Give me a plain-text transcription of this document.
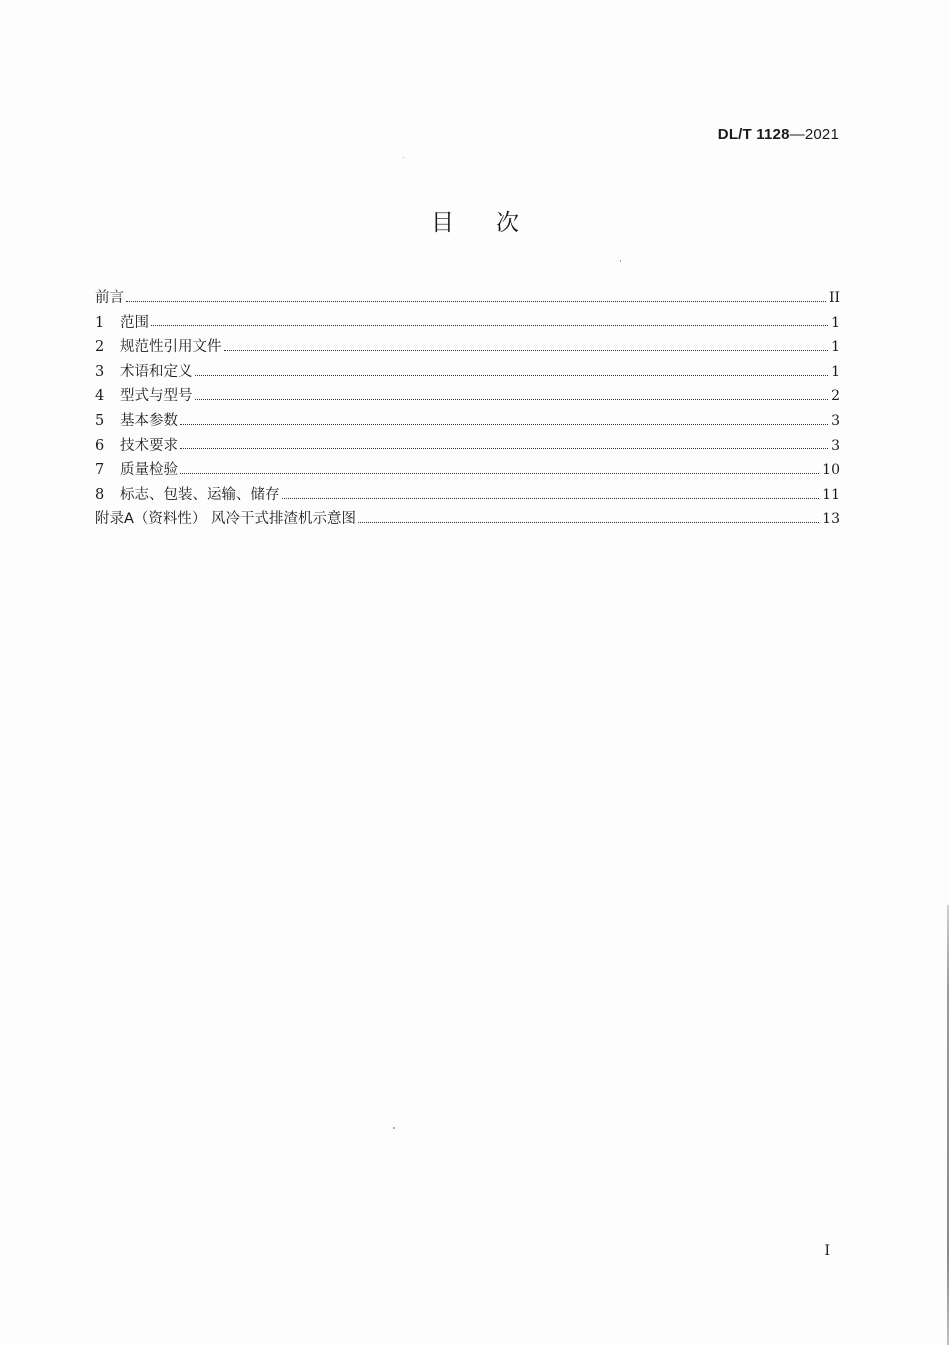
DL/T 1128—2021
目次
前言	II
1	范围	1
2	规范性引用文件	1
3	术语和定义	1
4	型式与型号	2
5	基本参数	3
6	技术要求	3
7	质量检验	10
8	标志、包装、运输、储存	11
附录A（资料性） 风冷干式排渣机示意图	13
I
